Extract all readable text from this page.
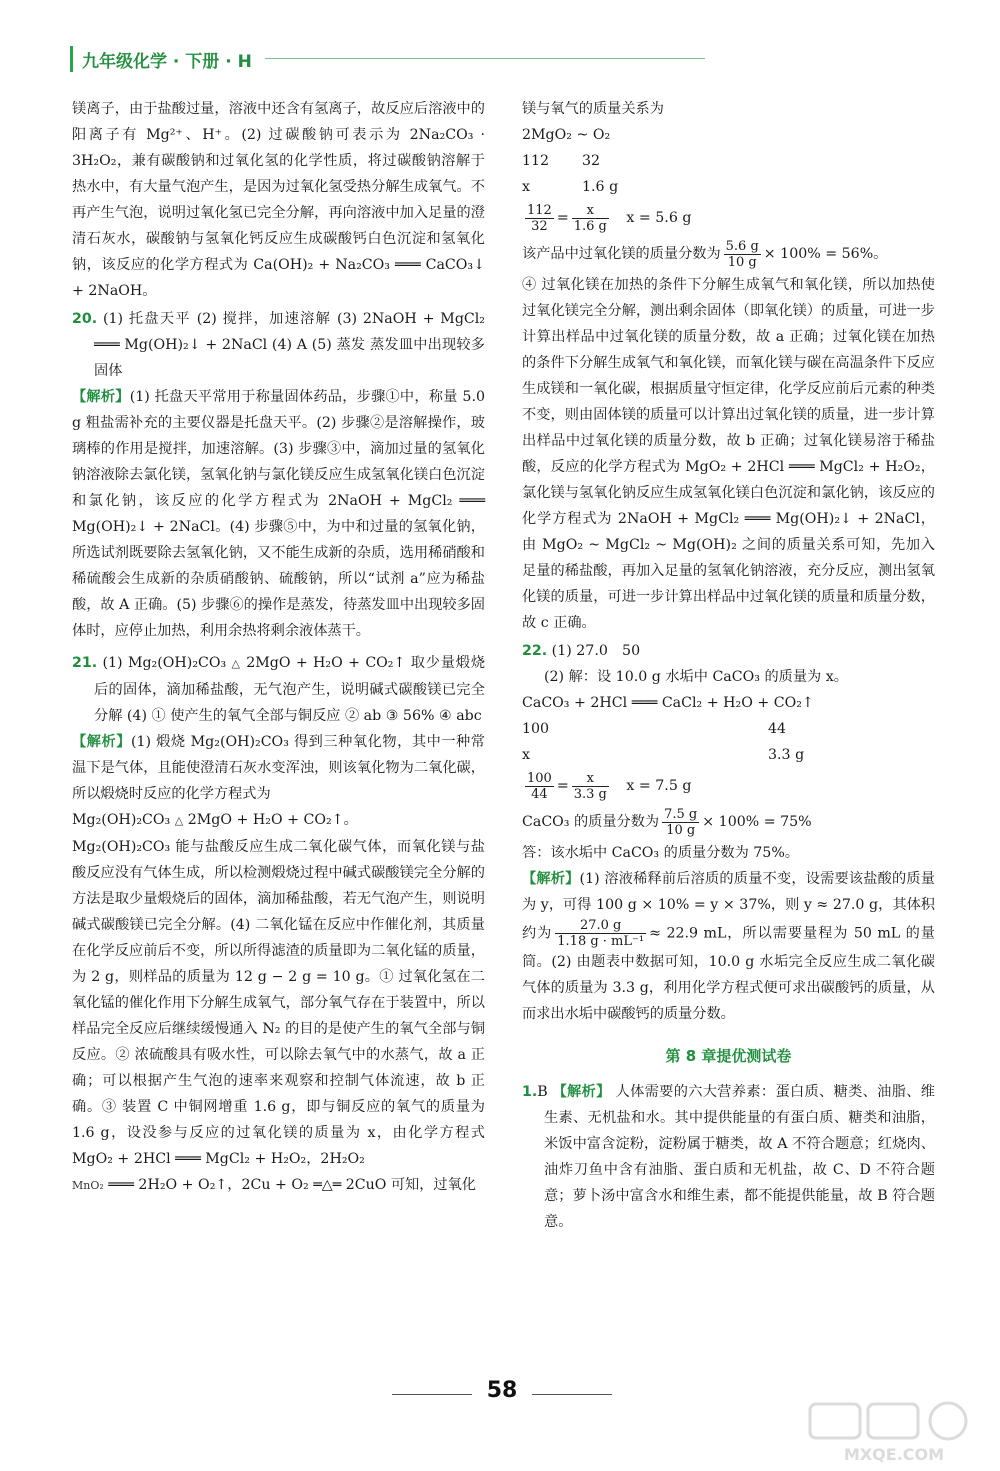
九年级化学 · 下册 · H

镁离子，由于盐酸过量，溶液中还含有氢离子，故反应后溶液中的阳离子有 Mg²⁺、H⁺。(2) 过碳酸钠可表示为 2Na₂CO₃ · 3H₂O₂，兼有碳酸钠和过氧化氢的化学性质，将过碳酸钠溶解于热水中，有大量气泡产生，是因为过氧化氢受热分解生成氧气。不再产生气泡，说明过氧化氢已完全分解，再向溶液中加入足量的澄清石灰水，碳酸钠与氢氧化钙反应生成碳酸钙白色沉淀和氢氧化钠，该反应的化学方程式为 Ca(OH)₂ + Na₂CO₃ ═══ CaCO₃↓ + 2NaOH。

20. (1) 托盘天平 (2) 搅拌，加速溶解 (3) 2NaOH + MgCl₂ ═══ Mg(OH)₂↓ + 2NaCl (4) A (5) 蒸发 蒸发皿中出现较多固体

【解析】(1) 托盘天平常用于称量固体药品，步骤①中，称量 5.0 g 粗盐需补充的主要仪器是托盘天平。(2) 步骤②是溶解操作，玻璃棒的作用是搅拌，加速溶解。(3) 步骤③中，滴加过量的氢氧化钠溶液除去氯化镁，氢氧化钠与氯化镁反应生成氢氧化镁白色沉淀和氯化钠，该反应的化学方程式为 2NaOH + MgCl₂ ═══ Mg(OH)₂↓ + 2NaCl。(4) 步骤⑤中，为中和过量的氢氧化钠，所选试剂既要除去氢氧化钠，又不能生成新的杂质，选用稀硝酸和稀硫酸会生成新的杂质硝酸钠、硫酸钠，所以“试剂 a”应为稀盐酸，故 A 正确。(5) 步骤⑥的操作是蒸发，待蒸发皿中出现较多固体时，应停止加热，利用余热将剩余液体蒸干。

21. (1) Mg₂(OH)₂CO₃ △ 2MgO + H₂O + CO₂↑ 取少量煅烧后的固体，滴加稀盐酸，无气泡产生，说明碱式碳酸镁已完全分解 (4) ① 使产生的氧气全部与铜反应 ② ab ③ 56% ④ abc

【解析】(1) 煅烧 Mg₂(OH)₂CO₃ 得到三种氧化物，其中一种常温下是气体，且能使澄清石灰水变浑浊，则该氧化物为二氧化碳，所以煅烧时反应的化学方程式为

Mg₂(OH)₂CO₃ △ 2MgO + H₂O + CO₂↑。

Mg₂(OH)₂CO₃ 能与盐酸反应生成二氧化碳气体，而氧化镁与盐酸反应没有气体生成，所以检测煅烧过程中碱式碳酸镁完全分解的方法是取少量煅烧后的固体，滴加稀盐酸，若无气泡产生，则说明碱式碳酸镁已完全分解。(4) 二氧化锰在反应中作催化剂，其质量在化学反应前后不变，所以所得滤渣的质量即为二氧化锰的质量，为 2 g，则样品的质量为 12 g − 2 g = 10 g。① 过氧化氢在二氧化锰的催化作用下分解生成氧气，部分氧气存在于装置中，所以样品完全反应后继续缓慢通入 N₂ 的目的是使产生的氧气全部与铜反应。② 浓硫酸具有吸水性，可以除去氧气中的水蒸气，故 a 正确；可以根据产生气泡的速率来观察和控制气体流速，故 b 正确。③ 装置 C 中铜网增重 1.6 g，即与铜反应的氧气的质量为 1.6 g，设没参与反应的过氧化镁的质量为 x，由化学方程式 MgO₂ + 2HCl ═══ MgCl₂ + H₂O₂，2H₂O₂

MnO₂ ═══ 2H₂O + O₂↑，2Cu + O₂ ═△═ 2CuO 可知，过氧化

镁与氧气的质量关系为

2MgO₂ ~ O₂

112	32
x	1.6 g
$\frac{112}{32} = \frac{x}{1.6 g}$ x = 5.6 g
该产品中过氧化镁的质量分数为 $\frac{5.6 g}{10 g} \times 100\% = 56\%$。

④ 过氧化镁在加热的条件下分解生成氧气和氧化镁，所以加热使过氧化镁完全分解，测出剩余固体（即氧化镁）的质量，可进一步计算出样品中过氧化镁的质量分数，故 a 正确；过氧化镁在加热的条件下分解生成氧气和氧化镁，而氧化镁与碳在高温条件下反应生成镁和一氧化碳，根据质量守恒定律，化学反应前后元素的种类不变，则由固体镁的质量可以计算出过氧化镁的质量，进一步计算出样品中过氧化镁的质量分数，故 b 正确；过氧化镁易溶于稀盐酸，反应的化学方程式为 MgO₂ + 2HCl ═══ MgCl₂ + H₂O₂，氯化镁与氢氧化钠反应生成氢氧化镁白色沉淀和氯化钠，该反应的化学方程式为 2NaOH + MgCl₂ ═══ Mg(OH)₂↓ + 2NaCl，由 MgO₂ ~ MgCl₂ ~ Mg(OH)₂ 之间的质量关系可知，先加入足量的稀盐酸，再加入足量的氢氧化钠溶液，充分反应，测出氢氧化镁的质量，可进一步计算出样品中过氧化镁的质量和质量分数，故 c 正确。

22. (1) 27.0　50

(2) 解：设 10.0 g 水垢中 CaCO₃ 的质量为 x。

CaCO₃ + 2HCl ═══ CaCl₂ + H₂O + CO₂↑

100	44
x	3.3 g
$\frac{100}{44} = \frac{x}{3.3 g}$ x = 7.5 g
CaCO₃ 的质量分数为 $\frac{7.5 g}{10 g} \times 100\% = 75\%$

答：该水垢中 CaCO₃ 的质量分数为 75%。

【解析】(1) 溶液稀释前后溶质的质量不变，设需要该盐酸的质量为 y，可得 100 g × 10% = y × 37%，则 y ≈ 27.0 g，其体积约为 $\frac{27.0 g}{\text{1.18 g · mL⁻¹}} \approx 22.9$ mL，所以需要量程为 50 mL 的量筒。(2) 由题表中数据可知，10.0 g 水垢完全反应生成二氧化碳气体的质量为 3.3 g，利用化学方程式便可求出碳酸钙的质量，从而求出水垢中碳酸钙的质量分数。

第 8 章提优测试卷
1.B 【解析】 人体需要的六大营养素：蛋白质、糖类、油脂、维生素、无机盐和水。其中提供能量的有蛋白质、糖类和油脂，米饭中富含淀粉，淀粉属于糖类，故 A 不符合题意；红烧肉、油炸刀鱼中含有油脂、蛋白质和无机盐，故 C、D 不符合题意；萝卜汤中富含水和维生素，都不能提供能量，故 B 符合题意。
58
MXQE.COM
